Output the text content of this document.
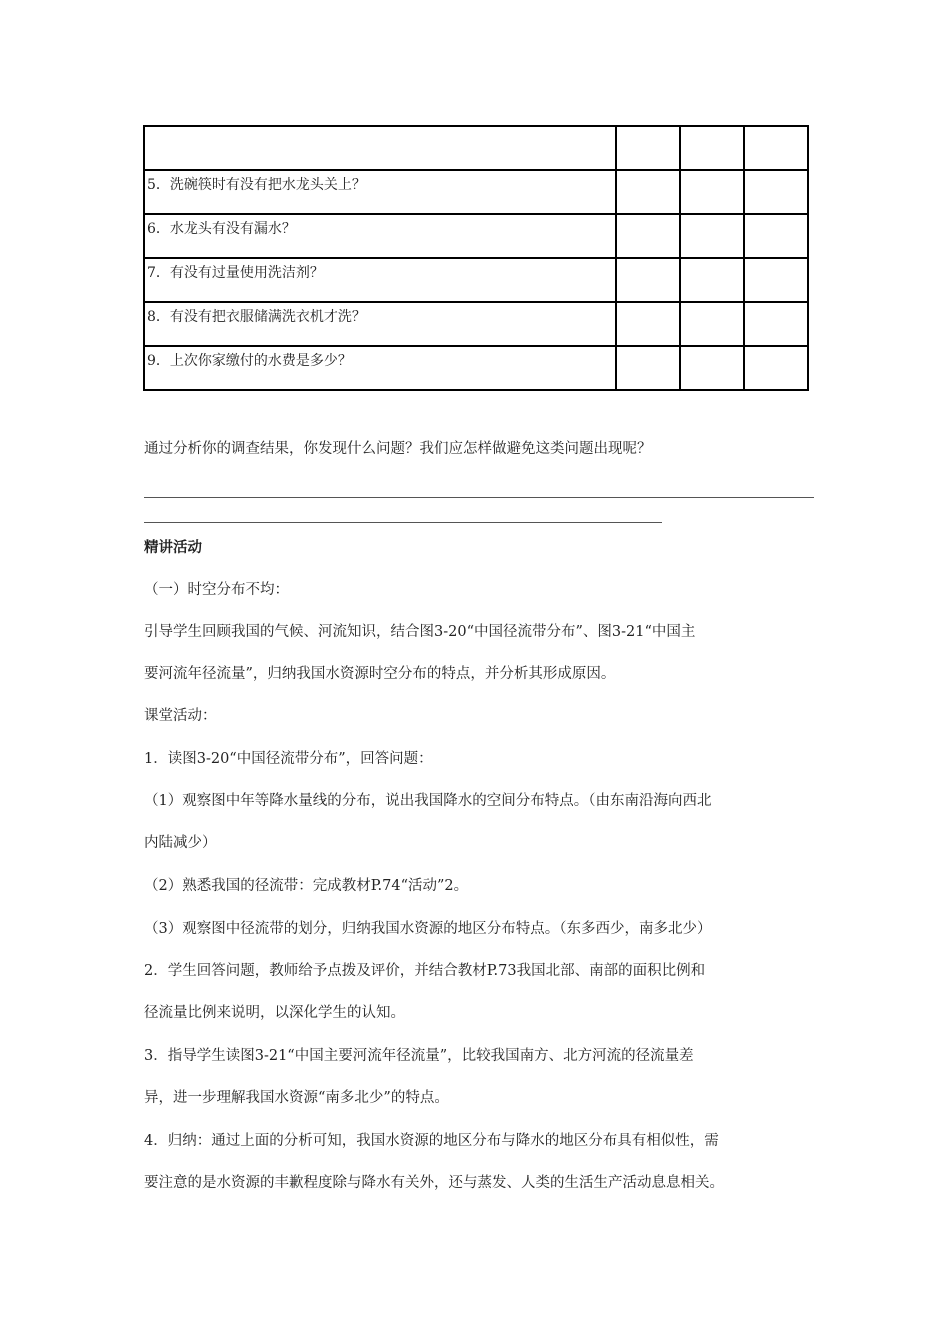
5．洗碗筷时有没有把水龙头关上？			
6．水龙头有没有漏水？			
7．有没有过量使用洗洁剂？			
8．有没有把衣服储满洗衣机才洗？			
9．上次你家缴付的水费是多少？			

通过分析你的调查结果，你发现什么问题？我们应怎样做避免这类问题出现呢？

精讲活动

（一）时空分布不均：

引导学生回顾我国的气候、河流知识，结合图3-20“中国径流带分布”、图3-21“中国主

要河流年径流量”，归纳我国水资源时空分布的特点，并分析其形成原因。

课堂活动：

1．读图3-20“中国径流带分布”，回答问题：

（1）观察图中年等降水量线的分布，说出我国降水的空间分布特点。（由东南沿海向西北

内陆减少）

（2）熟悉我国的径流带：完成教材P.74“活动”2。

（3）观察图中径流带的划分，归纳我国水资源的地区分布特点。（东多西少，南多北少）

2．学生回答问题，教师给予点拨及评价，并结合教材P.73我国北部、南部的面积比例和

径流量比例来说明，以深化学生的认知。

3．指导学生读图3-21“中国主要河流年径流量”，比较我国南方、北方河流的径流量差

异，进一步理解我国水资源“南多北少”的特点。

4．归纳：通过上面的分析可知，我国水资源的地区分布与降水的地区分布具有相似性，需

要注意的是水资源的丰歉程度除与降水有关外，还与蒸发、人类的生活生产活动息息相关。
